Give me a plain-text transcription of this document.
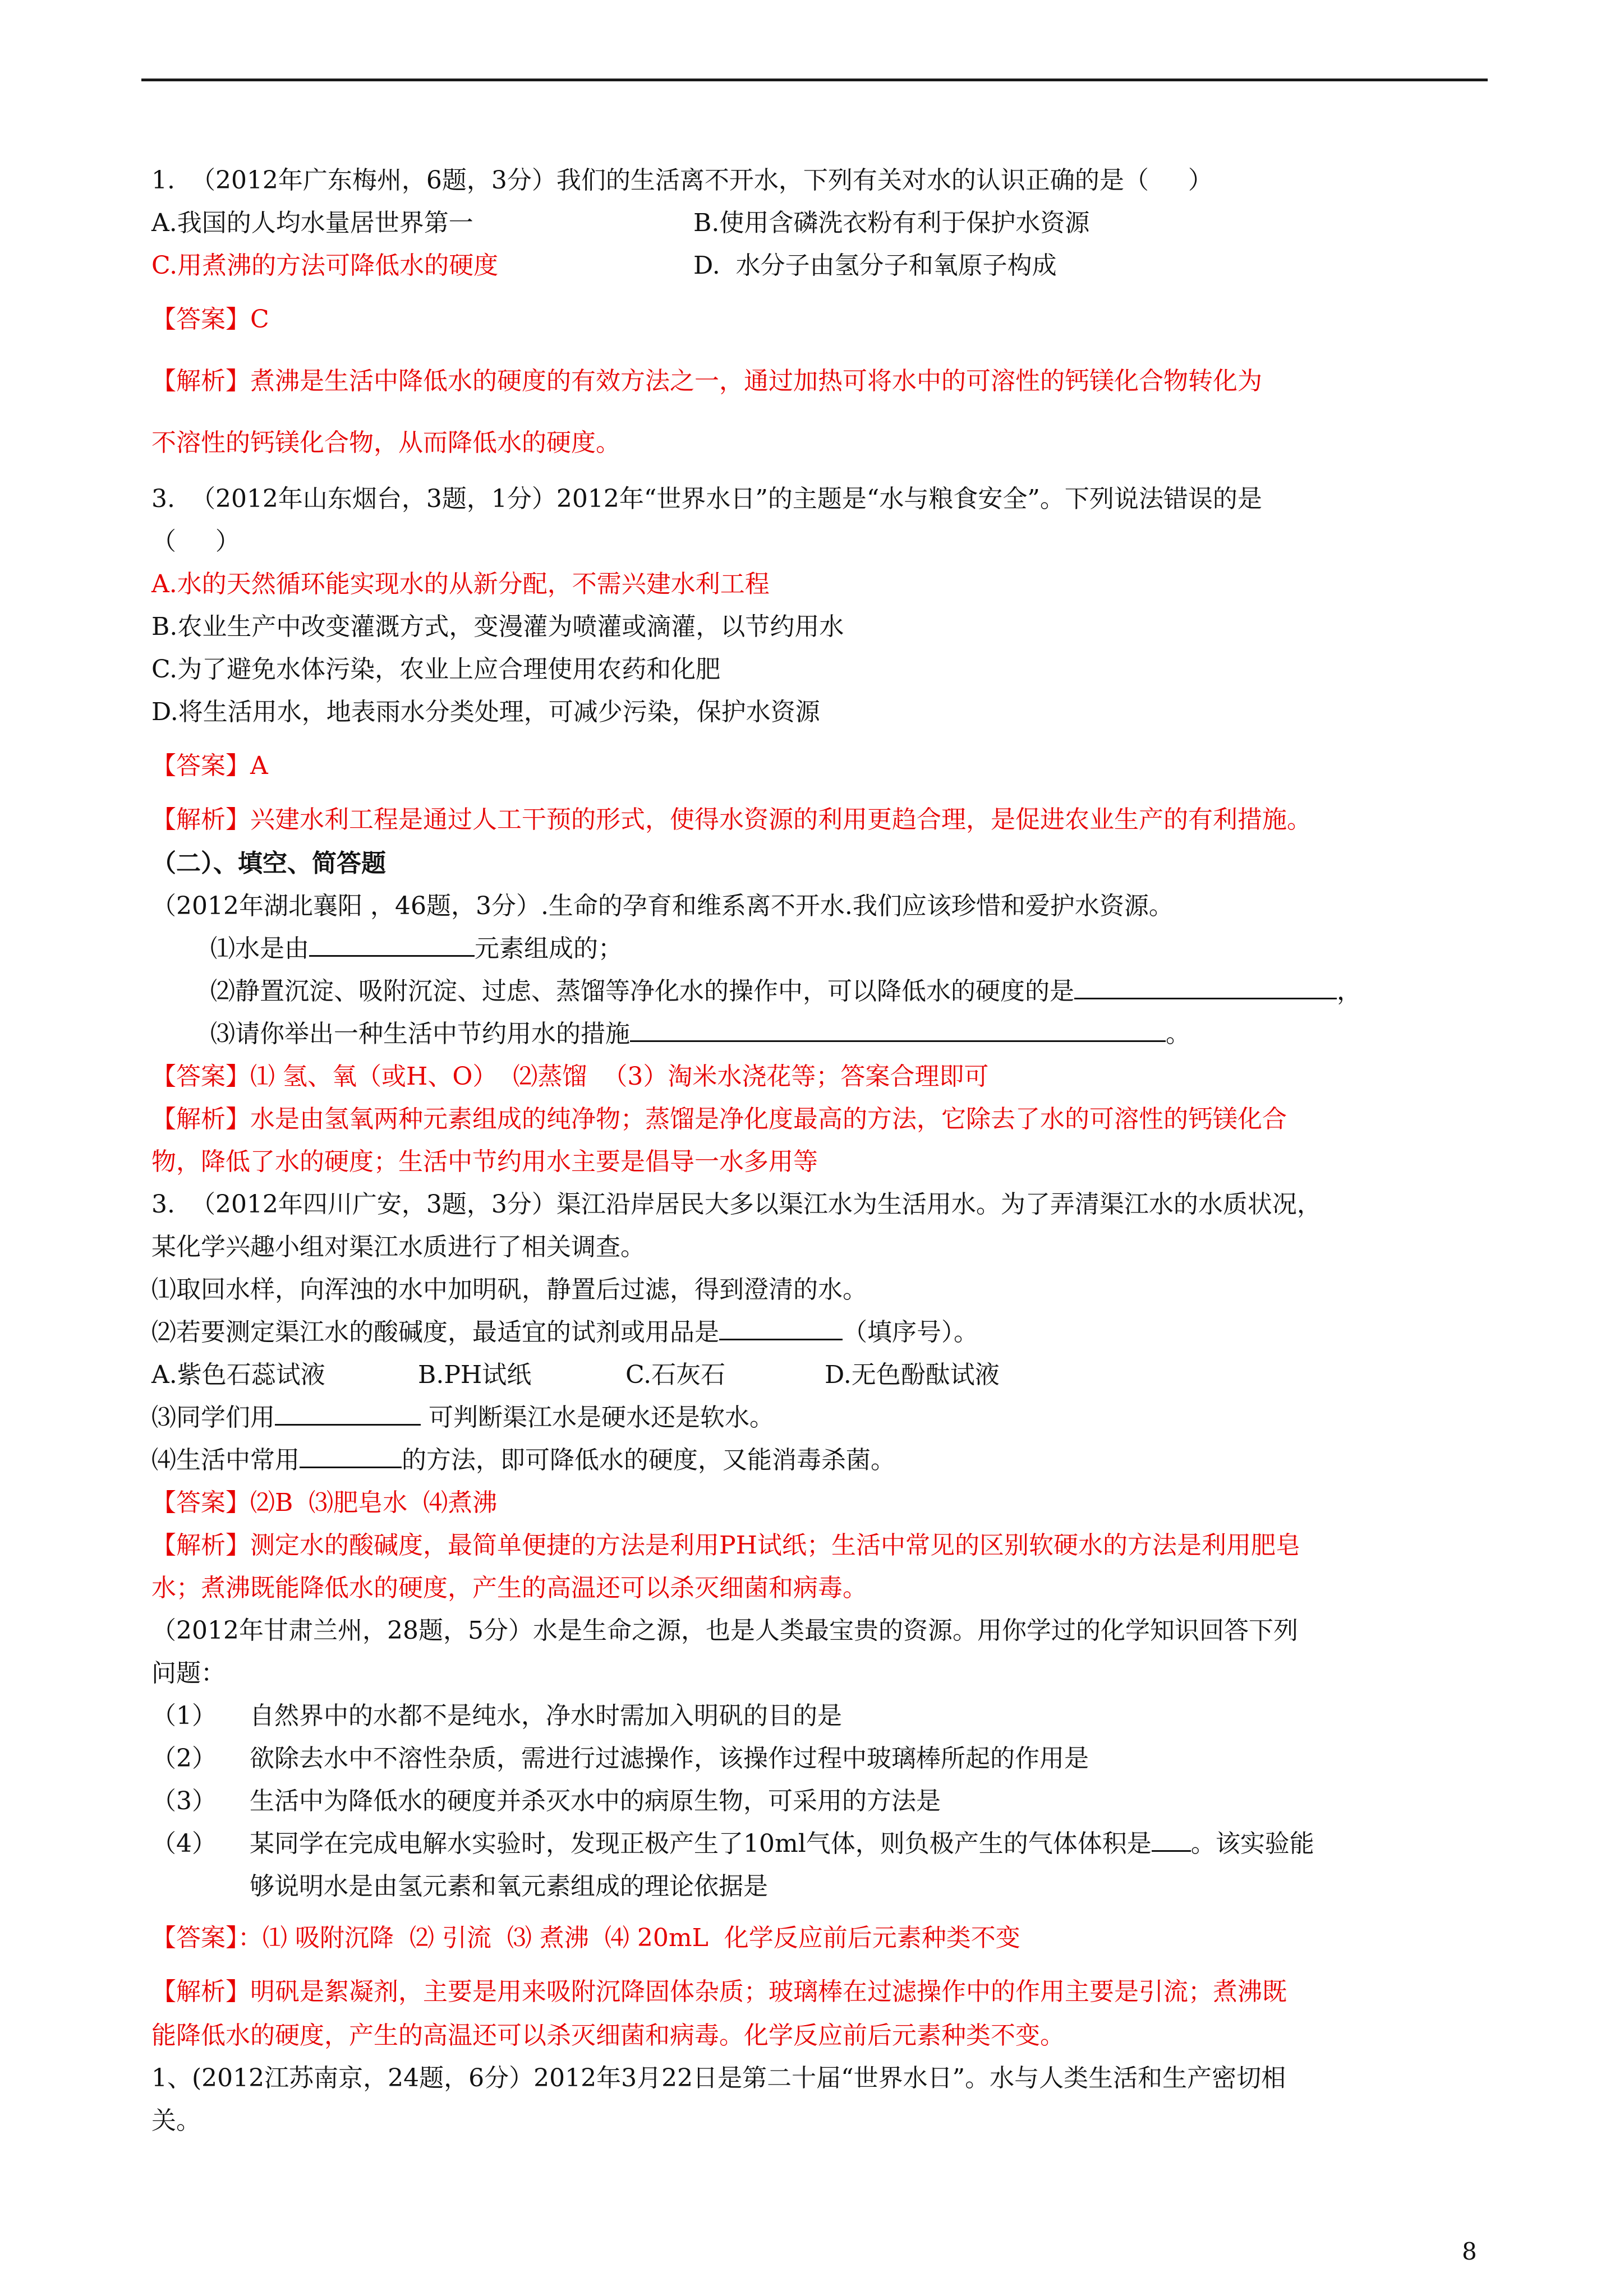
1.  （2012年广东梅州，6题，3分）我们的生活离不开水，下列有关对水的认识正确的是（     ）
A.我国的人均水量居世界第一	B.使用含磷洗衣粉有利于保护水资源
C.用煮沸的方法可降低水的硬度	D.  水分子由氢分子和氧原子构成
【答案】C
【解析】煮沸是生活中降低水的硬度的有效方法之一，通过加热可将水中的可溶性的钙镁化合物转化为
不溶性的钙镁化合物，从而降低水的硬度。
3.  （2012年山东烟台，3题，1分）2012年“世界水日”的主题是“水与粮食安全”。下列说法错误的是
（     ）
A.水的天然循环能实现水的从新分配，不需兴建水利工程
B.农业生产中改变灌溉方式，变漫灌为喷灌或滴灌，以节约用水
C.为了避免水体污染，农业上应合理使用农药和化肥
D.将生活用水，地表雨水分类处理，可减少污染，保护水资源
【答案】A
【解析】兴建水利工程是通过人工干预的形式，使得水资源的利用更趋合理，是促进农业生产的有利措施。
（二）、填空、简答题
（2012年湖北襄阳 ，46题，3分）.生命的孕育和维系离不开水.我们应该珍惜和爱护水资源。
⑴水是由	元素组成的；
⑵静置沉淀、吸附沉淀、过虑、蒸馏等净化水的操作中，可以降低水的硬度的是	，
⑶请你举出一种生活中节约用水的措施	。
【答案】⑴ 氢、氧（或H、O）  ⑵蒸馏  （3）淘米水浇花等；答案合理即可
【解析】水是由氢氧两种元素组成的纯净物；蒸馏是净化度最高的方法，它除去了水的可溶性的钙镁化合
物，降低了水的硬度；生活中节约用水主要是倡导一水多用等
3.  （2012年四川广安，3题，3分）渠江沿岸居民大多以渠江水为生活用水。为了弄清渠江水的水质状况，
某化学兴趣小组对渠江水质进行了相关调查。
⑴取回水样，向浑浊的水中加明矾，静置后过滤，得到澄清的水。
⑵若要测定渠江水的酸碱度，最适宜的试剂或用品是	（填序号）。
A.紫色石蕊试液	B.PH试纸	C.石灰石	D.无色酚酞试液
⑶同学们用	可判断渠江水是硬水还是软水。
⑷生活中常用	的方法，即可降低水的硬度，又能消毒杀菌。
【答案】⑵B  ⑶肥皂水  ⑷煮沸
【解析】测定水的酸碱度，最简单便捷的方法是利用PH试纸；生活中常见的区别软硬水的方法是利用肥皂
水；煮沸既能降低水的硬度，产生的高温还可以杀灭细菌和病毒。
（2012年甘肃兰州，28题，5分）水是生命之源，也是人类最宝贵的资源。用你学过的化学知识回答下列
问题：
（1） 自然界中的水都不是纯水，净水时需加入明矾的目的是
（2） 欲除去水中不溶性杂质，需进行过滤操作，该操作过程中玻璃棒所起的作用是
（3） 生活中为降低水的硬度并杀灭水中的病原生物，可采用的方法是
（4） 某同学在完成电解水实验时，发现正极产生了10ml气体，则负极产生的气体体积是 。该实验能
够说明水是由氢元素和氧元素组成的理论依据是
【答案】：⑴ 吸附沉降  ⑵ 引流  ⑶ 煮沸  ⑷ 20mL  化学反应前后元素种类不变
【解析】明矾是絮凝剂，主要是用来吸附沉降固体杂质；玻璃棒在过滤操作中的作用主要是引流；煮沸既
能降低水的硬度，产生的高温还可以杀灭细菌和病毒。化学反应前后元素种类不变。
1、(2012江苏南京，24题，6分）2012年3月22日是第二十届“世界水日”。水与人类生活和生产密切相
关。
8
